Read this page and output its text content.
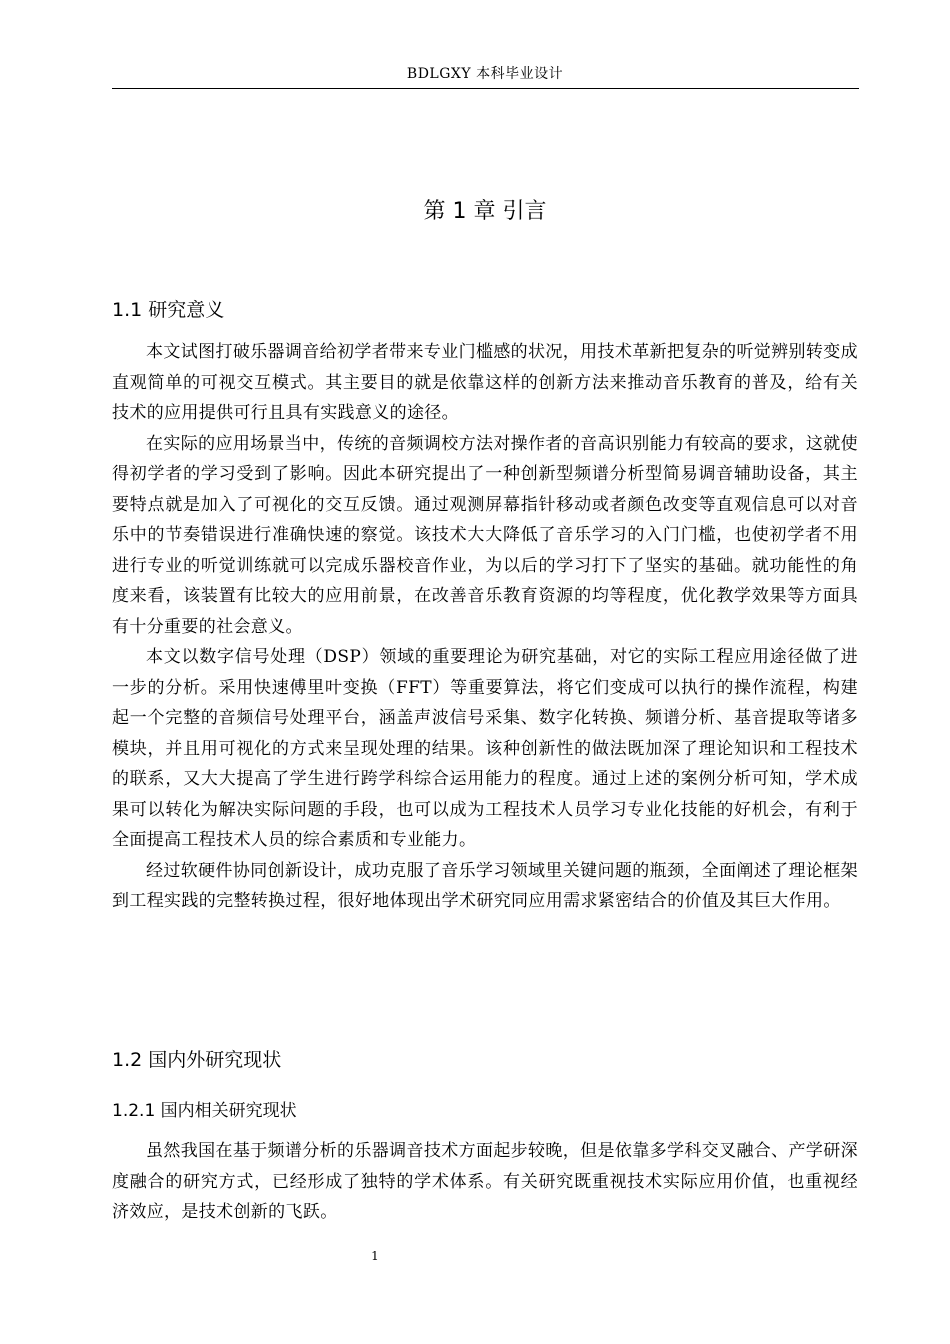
BDLGXY 本科毕业设计
第 1 章 引言
1.1 研究意义

本文试图打破乐器调音给初学者带来专业门槛感的状况，用技术革新把复杂的听觉辨别转变成直观简单的可视交互模式。其主要目的就是依靠这样的创新方法来推动音乐教育的普及，给有关技术的应用提供可行且具有实践意义的途径。

在实际的应用场景当中，传统的音频调校方法对操作者的音高识别能力有较高的要求，这就使得初学者的学习受到了影响。因此本研究提出了一种创新型频谱分析型简易调音辅助设备，其主要特点就是加入了可视化的交互反馈。通过观测屏幕指针移动或者颜色改变等直观信息可以对音乐中的节奏错误进行准确快速的察觉。该技术大大降低了音乐学习的入门门槛，也使初学者不用进行专业的听觉训练就可以完成乐器校音作业，为以后的学习打下了坚实的基础。就功能性的角度来看，该装置有比较大的应用前景，在改善音乐教育资源的均等程度，优化教学效果等方面具有十分重要的社会意义。

本文以数字信号处理（DSP）领域的重要理论为研究基础，对它的实际工程应用途径做了进一步的分析。采用快速傅里叶变换（FFT）等重要算法，将它们变成可以执行的操作流程，构建起一个完整的音频信号处理平台，涵盖声波信号采集、数字化转换、频谱分析、基音提取等诸多模块，并且用可视化的方式来呈现处理的结果。该种创新性的做法既加深了理论知识和工程技术的联系，又大大提高了学生进行跨学科综合运用能力的程度。通过上述的案例分析可知，学术成果可以转化为解决实际问题的手段，也可以成为工程技术人员学习专业化技能的好机会，有利于全面提高工程技术人员的综合素质和专业能力。

经过软硬件协同创新设计，成功克服了音乐学习领域里关键问题的瓶颈，全面阐述了理论框架到工程实践的完整转换过程，很好地体现出学术研究同应用需求紧密结合的价值及其巨大作用。

1.2 国内外研究现状
1.2.1 国内相关研究现状

虽然我国在基于频谱分析的乐器调音技术方面起步较晚，但是依靠多学科交叉融合、产学研深度融合的研究方式，已经形成了独特的学术体系。有关研究既重视技术实际应用价值，也重视经济效应，是技术创新的飞跃。

1
